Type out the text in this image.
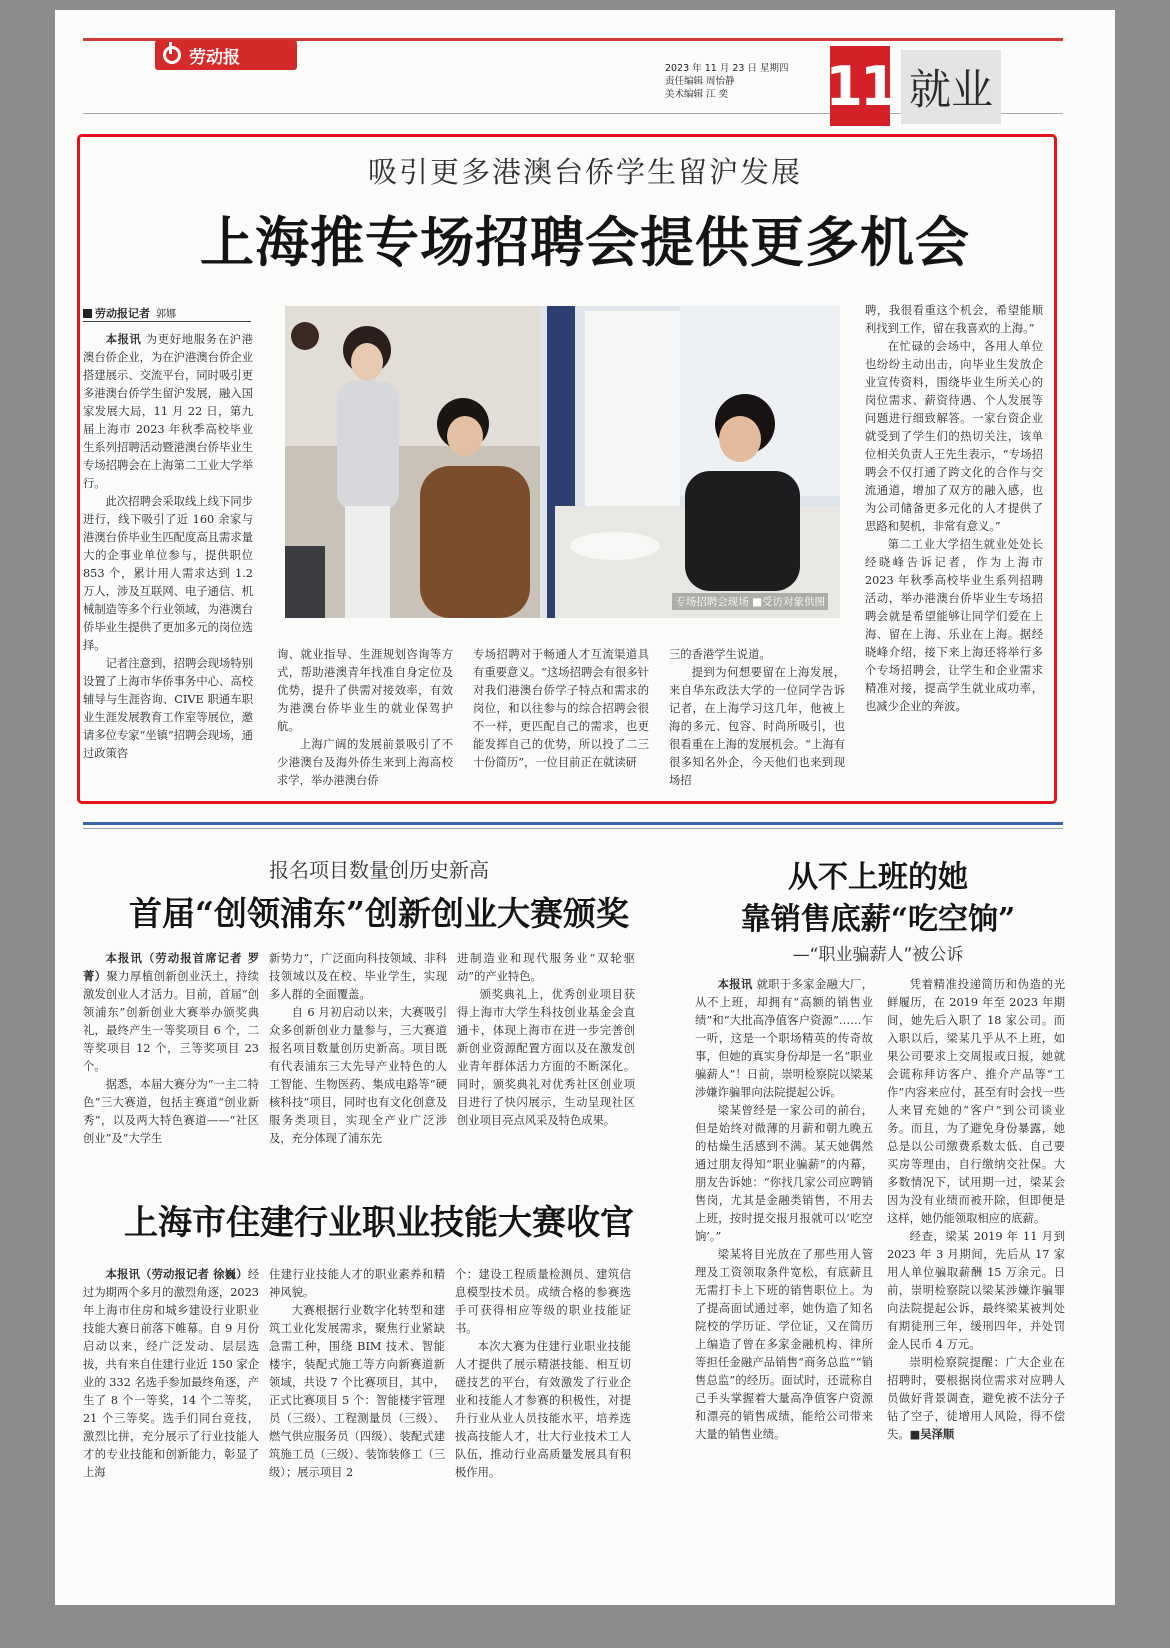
劳动报
2023 年 11 月 23 日 星期四
责任编辑 周怡静
美术编辑 江 奕	11 就业
吸引更多港澳台侨学生留沪发展
上海推专场招聘会提供更多机会
劳动报记者 郭娜

本报讯 为更好地服务在沪港澳台侨企业，为在沪港澳台侨企业搭建展示、交流平台，同时吸引更多港澳台侨学生留沪发展，融入国家发展大局，11 月 22 日，第九届上海市 2023 年秋季高校毕业生系列招聘活动暨港澳台侨毕业生专场招聘会在上海第二工业大学举行。

此次招聘会采取线上线下同步进行，线下吸引了近 160 余家与港澳台侨毕业生匹配度高且需求量大的企事业单位参与，提供职位 853 个，累计用人需求达到 1.2 万人，涉及互联网、电子通信、机械制造等多个行业领域，为港澳台侨毕业生提供了更加多元的岗位选择。

记者注意到，招聘会现场特别设置了上海市华侨事务中心、高校辅导与生涯咨询、CIVE 职通车职业生涯发展教育工作室等展位，邀请多位专家“坐镇”招聘会现场，通过政策咨

专场招聘会现场 ■受访对象供图

询、就业指导、生涯规划咨询等方式，帮助港澳青年找准自身定位及优势，提升了供需对接效率，有效为港澳台侨毕业生的就业保驾护航。

上海广阔的发展前景吸引了不少港澳台及海外侨生来到上海高校求学，举办港澳台侨

专场招聘对于畅通人才互流渠道具有重要意义。“这场招聘会有很多针对我们港澳台侨学子特点和需求的岗位，和以往参与的综合招聘会很不一样，更匹配自己的需求，也更能发挥自己的优势，所以投了二三十份简历”，一位目前正在就读研

三的香港学生说道。

提到为何想要留在上海发展，来自华东政法大学的一位同学告诉记者，在上海学习这几年，他被上海的多元、包容、时尚所吸引，也很看重在上海的发展机会。“上海有很多知名外企，今天他们也来到现场招

聘，我很看重这个机会，希望能顺利找到工作，留在我喜欢的上海。”

在忙碌的会场中，各用人单位也纷纷主动出击，向毕业生发放企业宣传资料，围绕毕业生所关心的岗位需求、薪资待遇、个人发展等问题进行细致解答。一家台资企业就受到了学生们的热切关注，该单位相关负责人王先生表示，“专场招聘会不仅打通了跨文化的合作与交流通道，增加了双方的融入感，也为公司储备更多元化的人才提供了思路和契机，非常有意义。”

第二工业大学招生就业处处长经晓峰告诉记者，作为上海市 2023 年秋季高校毕业生系列招聘活动，举办港澳台侨毕业生专场招聘会就是希望能够让同学们爱在上海、留在上海、乐业在上海。据经晓峰介绍，接下来上海还将举行多个专场招聘会，让学生和企业需求精准对接，提高学生就业成功率，也减少企业的奔波。

报名项目数量创历史新高
首届“创领浦东”创新创业大赛颁奖

本报讯（劳动报首席记者 罗菁）聚力厚植创新创业沃土，持续激发创业人才活力。目前，首届“创领浦东”创新创业大赛举办颁奖典礼，最终产生一等奖项目 6 个，二等奖项目 12 个，三等奖项目 23 个。

据悉，本届大赛分为“一主二特色”三大赛道，包括主赛道“创业新秀”，以及两大特色赛道——“社区创业”及“大学生

新势力”，广泛面向科技领域、非科技领域以及在校、毕业学生，实现多人群的全面覆盖。

自 6 月初启动以来，大赛吸引众多创新创业力量参与，三大赛道报名项目数量创历史新高。项目既有代表浦东三大先导产业特色的人工智能、生物医药、集成电路等“硬核科技”项目，同时也有文化创意及服务类项目，实现全产业广泛涉及，充分体现了浦东先

进制造业和现代服务业“双轮驱动”的产业特色。

颁奖典礼上，优秀创业项目获得上海市大学生科技创业基金会直通卡，体现上海市在进一步完善创新创业资源配置方面以及在激发创业青年群体活力方面的不断深化。同时，颁奖典礼对优秀社区创业项目进行了快闪展示，生动呈现社区创业项目亮点风采及特色成果。

上海市住建行业职业技能大赛收官

本报讯（劳动报记者 徐巍）经过为期两个多月的激烈角逐，2023 年上海市住房和城乡建设行业职业技能大赛日前落下帷幕。自 9 月份启动以来，经广泛发动、层层选拔，共有来自住建行业近 150 家企业的 332 名选手参加最终角逐，产生了 8 个一等奖，14 个二等奖，21 个三等奖。选手们同台竞技，激烈比拼，充分展示了行业技能人才的专业技能和创新能力，彰显了上海

住建行业技能人才的职业素养和精神风貌。

大赛根据行业数字化转型和建筑工业化发展需求，聚焦行业紧缺急需工种，围绕 BIM 技术、智能楼宇，装配式施工等方向新赛道新领域，共设 7 个比赛项目，其中，正式比赛项目 5 个：智能楼宇管理员（三级）、工程测量员（三级）、燃气供应服务员（四级）、装配式建筑施工员（三级）、装饰装修工（三级）；展示项目 2

个：建设工程质量检测员、建筑信息模型技术员。成绩合格的参赛选手可获得相应等级的职业技能证书。

本次大赛为住建行业职业技能人才提供了展示精湛技能、相互切磋技艺的平台，有效激发了行业企业和技能人才参赛的积极性，对提升行业从业人员技能水平，培养选拔高技能人才，壮大行业技术工人队伍，推动行业高质量发展具有积极作用。

从不上班的她
靠销售底薪“吃空饷”
—“职业骗薪人”被公诉

本报讯 就职于多家金融大厂，从不上班，却拥有“高额的销售业绩”和“大批高净值客户资源”……乍一听，这是一个职场精英的传奇故事，但她的真实身份却是一名“职业骗薪人”！日前，崇明检察院以梁某涉嫌诈骗罪向法院提起公诉。

梁某曾经是一家公司的前台，但是始终对微薄的月薪和朝九晚五的枯燥生活感到不满。某天她偶然通过朋友得知“职业骗薪”的内幕，朋友告诉她：“你找几家公司应聘销售岗，尤其是金融类销售，不用去上班，按时提交报月报就可以‘吃空饷’。”

梁某将目光放在了那些用人管理及工资领取条件宽松，有底薪且无需打卡上下班的销售职位上。为了提高面试通过率，她伪造了知名院校的学历证、学位证，又在简历上编造了曾在多家金融机构、律所等担任金融产品销售“商务总监”“销售总监”的经历。面试时，还谎称自己手头掌握着大量高净值客户资源和漂亮的销售成绩，能给公司带来大量的销售业绩。

凭着精准投递简历和伪造的光鲜履历，在 2019 年至 2023 年期间，她先后入职了 18 家公司。而入职以后，梁某几乎从不上班，如果公司要求上交周报或日报，她就会谎称拜访客户、推介产品等“工作”内容来应付，甚至有时会找一些人来冒充她的“客户”到公司谈业务。而且，为了避免身份暴露，她总是以公司缴费系数太低、自己要买房等理由，自行缴纳交社保。大多数情况下，试用期一过，梁某会因为没有业绩而被开除，但即便是这样，她仍能领取相应的底薪。

经查，梁某 2019 年 11 月到 2023 年 3 月期间，先后从 17 家用人单位骗取薪酬 15 万余元。日前，崇明检察院以梁某涉嫌诈骗罪向法院提起公诉，最终梁某被判处有期徒刑三年，缓刑四年，并处罚金人民币 4 万元。

崇明检察院提醒：广大企业在招聘时，要根据岗位需求对应聘人员做好背景调查，避免被不法分子钻了空子，徒增用人风险，得不偿失。■吴泽顺
